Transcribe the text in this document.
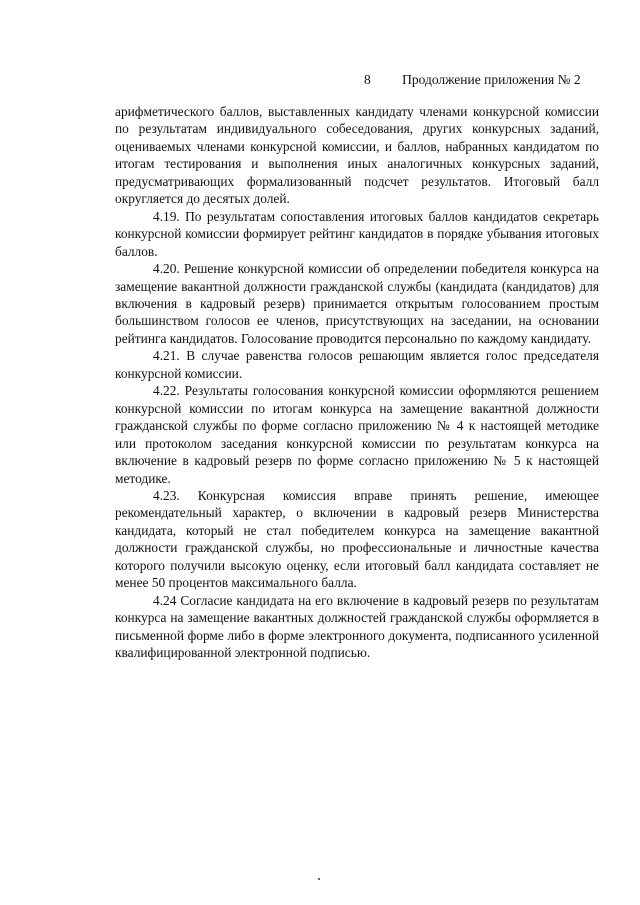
8 Продолжение приложения № 2

арифметического баллов, выставленных кандидату членами конкурсной комиссии по результатам индивидуального собеседования, других конкурсных заданий, оцениваемых членами конкурсной комиссии, и баллов, набранных кандидатом по итогам тестирования и выполнения иных аналогичных конкурсных заданий, предусматривающих формализованный подсчет результатов. Итоговый балл округляется до десятых долей.

4.19. По результатам сопоставления итоговых баллов кандидатов секретарь конкурсной комиссии формирует рейтинг кандидатов в порядке убывания итоговых баллов.

4.20. Решение конкурсной комиссии об определении победителя конкурса на замещение вакантной должности гражданской службы (кандидата (кандидатов) для включения в кадровый резерв) принимается открытым голосованием простым большинством голосов ее членов, присутствующих на заседании, на основании рейтинга кандидатов. Голосование проводится персонально по каждому кандидату.

4.21. В случае равенства голосов решающим является голос председателя конкурсной комиссии.

4.22. Результаты голосования конкурсной комиссии оформляются решением конкурсной комиссии по итогам конкурса на замещение вакантной должности гражданской службы по форме согласно приложению № 4 к настоящей методике или протоколом заседания конкурсной комиссии по результатам конкурса на включение в кадровый резерв по форме согласно приложению № 5 к настоящей методике.

4.23. Конкурсная комиссия вправе принять решение, имеющее рекомендательный характер, о включении в кадровый резерв Министерства кандидата, который не стал победителем конкурса на замещение вакантной должности гражданской службы, но профессиональные и личностные качества которого получили высокую оценку, если итоговый балл кандидата составляет не менее 50 процентов максимального балла.

4.24 Согласие кандидата на его включение в кадровый резерв по результатам конкурса на замещение вакантных должностей гражданской службы оформляется в письменной форме либо в форме электронного документа, подписанного усиленной квалифицированной электронной подписью.
